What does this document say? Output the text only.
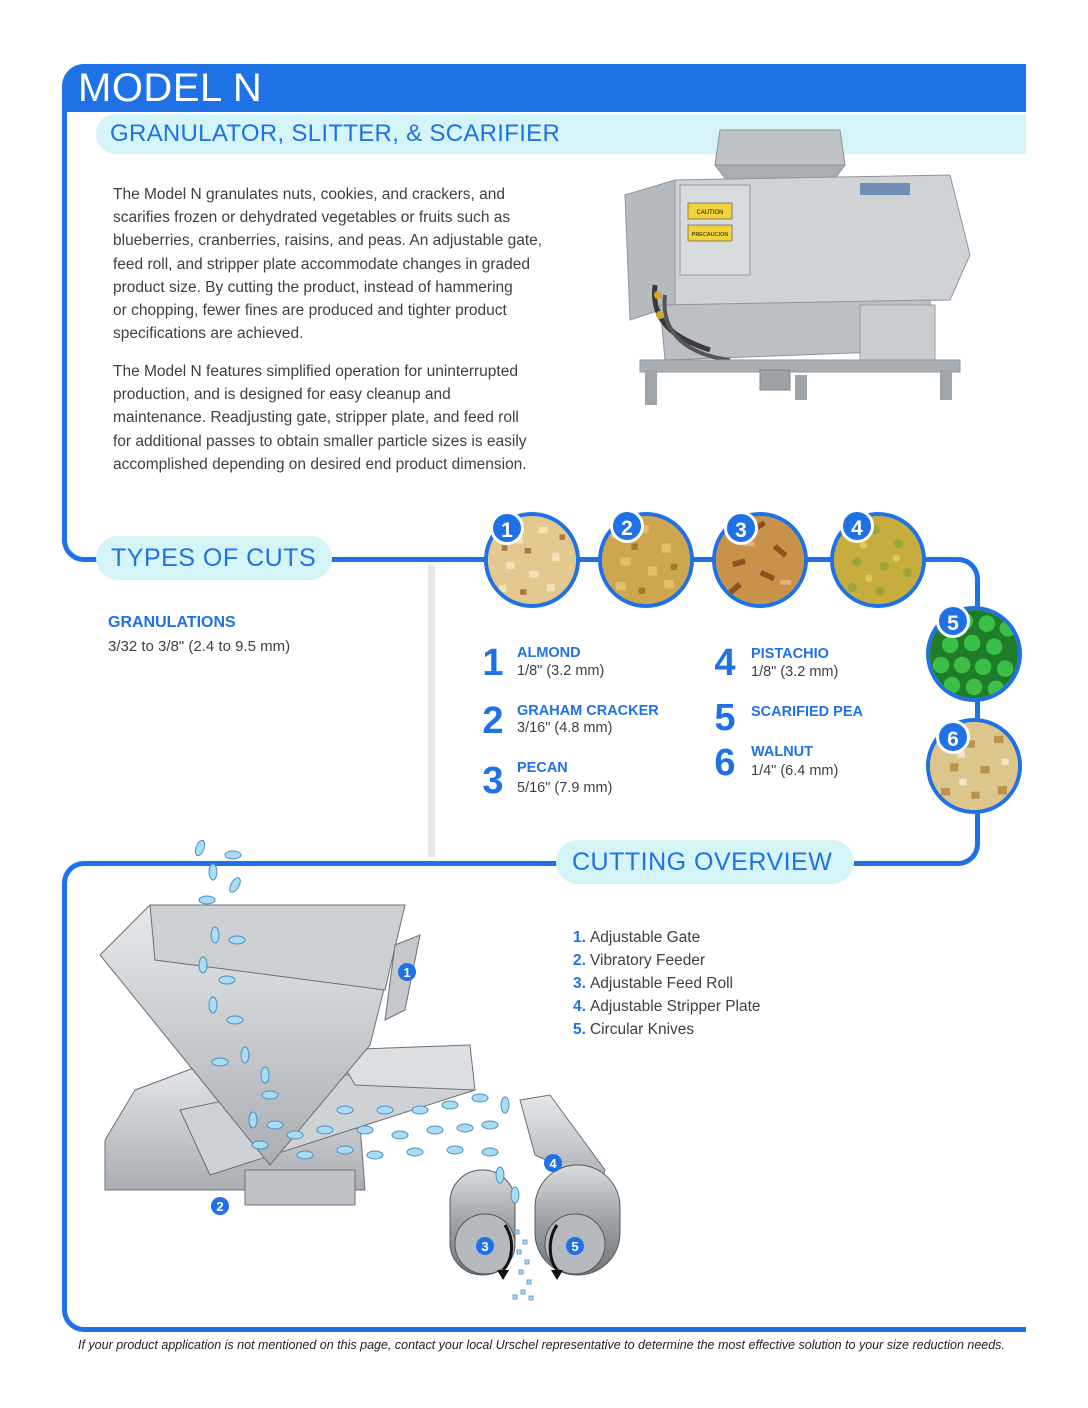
MODEL N
GRANULATOR, SLITTER, & SCARIFIER
The Model N granulates nuts, cookies, and crackers, and
scarifies frozen or dehydrated vegetables or fruits such as
blueberries, cranberries, raisins, and peas. An adjustable gate,
feed roll, and stripper plate accommodate changes in graded
product size. By cutting the product, instead of hammering
or chopping, fewer fines are produced and tighter product
specifications are achieved.
The Model N features simplified operation for uninterrupted
production, and is designed for easy cleanup and
maintenance. Readjusting gate, stripper plate, and feed roll
for additional passes to obtain smaller particle sizes is easily
accomplished depending on desired end product dimension.
CAUTION
PRECAUCION
TYPES OF CUTS
GRANULATIONS
3/32 to 3/8" (2.4 to 9.5 mm)
1	2	3	4
5
6
1 ALMOND
1/8" (3.2 mm)
2 GRAHAM CRACKER
3/16" (4.8 mm)
3 PECAN
5/16" (7.9 mm)
4	PISTACHIO
1/8" (3.2 mm)
5	SCARIFIED PEA
6	WALNUT
1/4" (6.4 mm)
CUTTING OVERVIEW
1. Adjustable Gate
2. Vibratory Feeder
3. Adjustable Feed Roll
4. Adjustable Stripper Plate
5. Circular Knives
1
2
3
4
5
If your product application is not mentioned on this page, contact your local Urschel representative to determine the most effective solution to your size reduction needs.
